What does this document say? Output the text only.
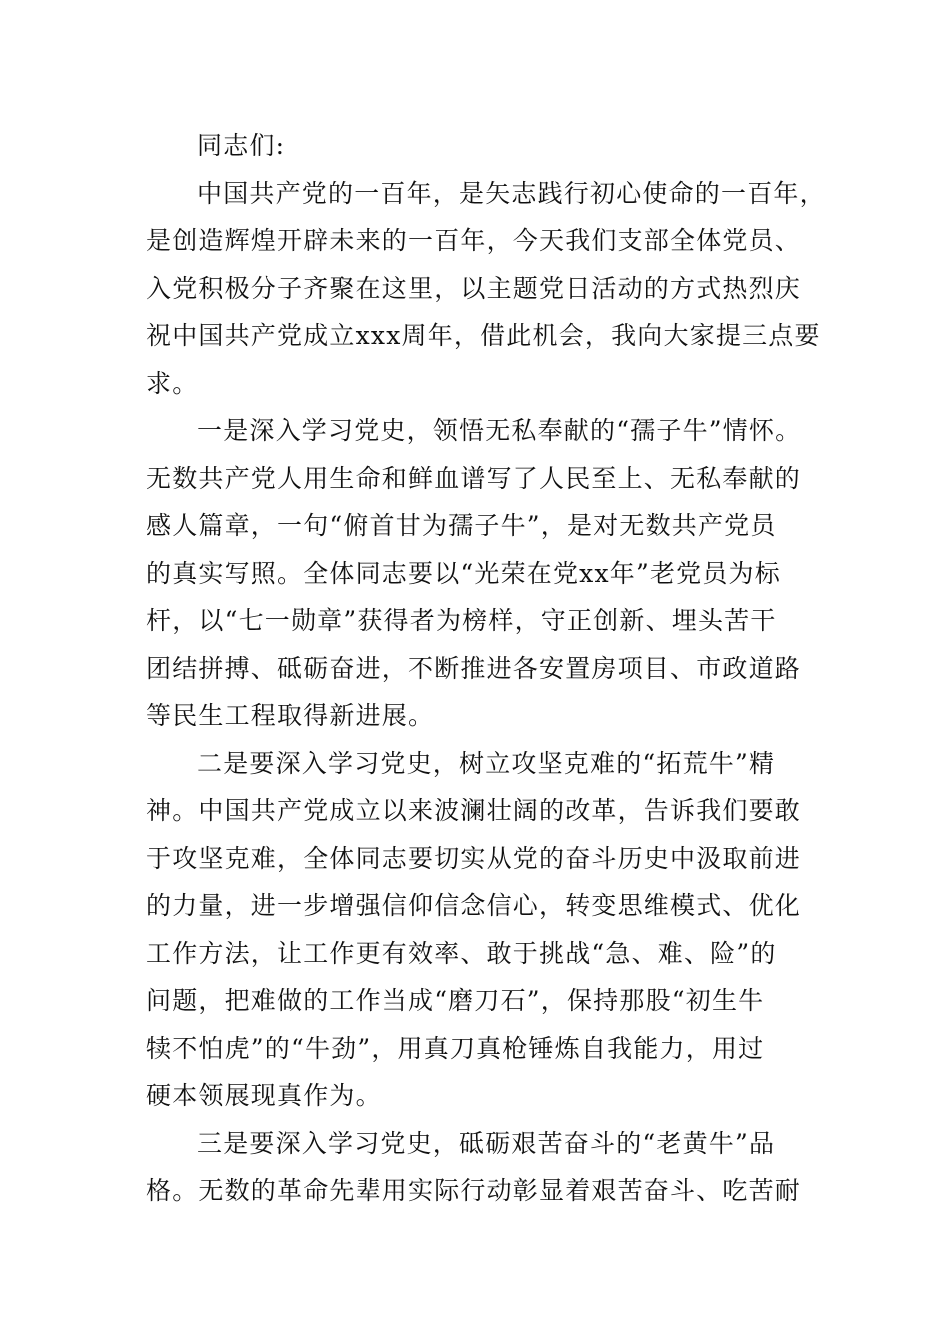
同志们:
中国共产党的一百年，是矢志践行初心使命的一百年，
是创造辉煌开辟未来的一百年，今天我们支部全体党员、
入党积极分子齐聚在这里，以主题党日活动的方式热烈庆
祝中国共产党成立xxx周年，借此机会，我向大家提三点要
求。
一是深入学习党史，领悟无私奉献的“孺子牛”情怀。
无数共产党人用生命和鲜血谱写了人民至上、无私奉献的
感人篇章，一句“俯首甘为孺子牛”，是对无数共产党员
的真实写照。全体同志要以“光荣在党xx年”老党员为标
杆，以“七一勋章”获得者为榜样，守正创新、埋头苦干
团结拼搏、砥砺奋进，不断推进各安置房项目、市政道路
等民生工程取得新进展。
二是要深入学习党史，树立攻坚克难的“拓荒牛”精
神。中国共产党成立以来波澜壮阔的改革，告诉我们要敢
于攻坚克难，全体同志要切实从党的奋斗历史中汲取前进
的力量，进一步增强信仰信念信心，转变思维模式、优化
工作方法，让工作更有效率、敢于挑战“急、难、险”的
问题，把难做的工作当成“磨刀石”，保持那股“初生牛
犊不怕虎”的“牛劲”，用真刀真枪锤炼自我能力，用过
硬本领展现真作为。
三是要深入学习党史，砥砺艰苦奋斗的“老黄牛”品
格。无数的革命先辈用实际行动彰显着艰苦奋斗、吃苦耐
